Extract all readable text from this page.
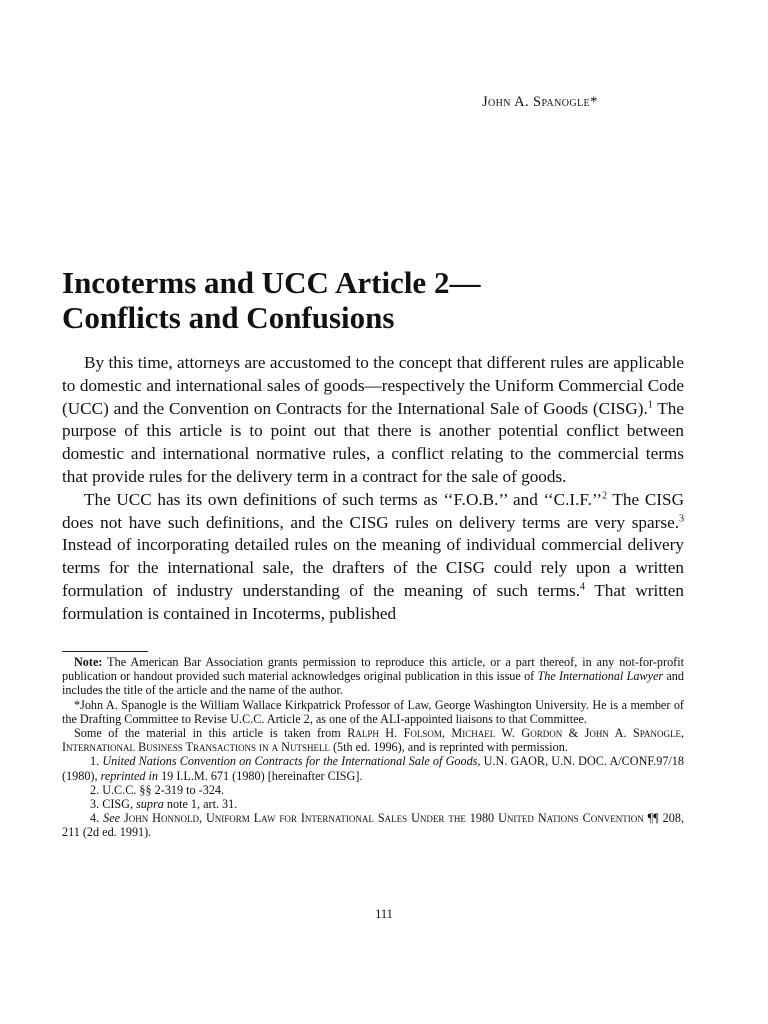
John A. Spanogle*
Incoterms and UCC Article 2—
Conflicts and Confusions

By this time, attorneys are accustomed to the concept that different rules are applicable to domestic and international sales of goods—respectively the Uniform Commercial Code (UCC) and the Convention on Contracts for the International Sale of Goods (CISG).$^1$ The purpose of this article is to point out that there is another potential conflict between domestic and international normative rules, a conflict relating to the commercial terms that provide rules for the delivery term in a contract for the sale of goods.

The UCC has its own definitions of such terms as ‘‘F.O.B.’’ and ‘‘C.I.F.’’$^2$ The CISG does not have such definitions, and the CISG rules on delivery terms are very sparse.$^3$ Instead of incorporating detailed rules on the meaning of individual commercial delivery terms for the international sale, the drafters of the CISG could rely upon a written formulation of industry understanding of the meaning of such terms.$^4$ That written formulation is contained in Incoterms, published

Note: The American Bar Association grants permission to reproduce this article, or a part thereof, in any not-for-profit publication or handout provided such material acknowledges original publication in this issue of The International Lawyer and includes the title of the article and the name of the author.

*John A. Spanogle is the William Wallace Kirkpatrick Professor of Law, George Washington University. He is a member of the Drafting Committee to Revise U.C.C. Article 2, as one of the ALI-appointed liaisons to that Committee.

Some of the material in this article is taken from Ralph H. Folsom, Michael W. Gordon & John A. Spanogle, International Business Transactions in a Nutshell (5th ed. 1996), and is reprinted with permission.

1. United Nations Convention on Contracts for the International Sale of Goods, U.N. GAOR, U.N. DOC. A/CONF.97/18 (1980), reprinted in 19 I.L.M. 671 (1980) [hereinafter CISG].

2. U.C.C. §§ 2-319 to -324.

3. CISG, supra note 1, art. 31.

4. See John Honnold, Uniform Law for International Sales Under the 1980 United Nations Convention ¶¶ 208, 211 (2d ed. 1991).

111
